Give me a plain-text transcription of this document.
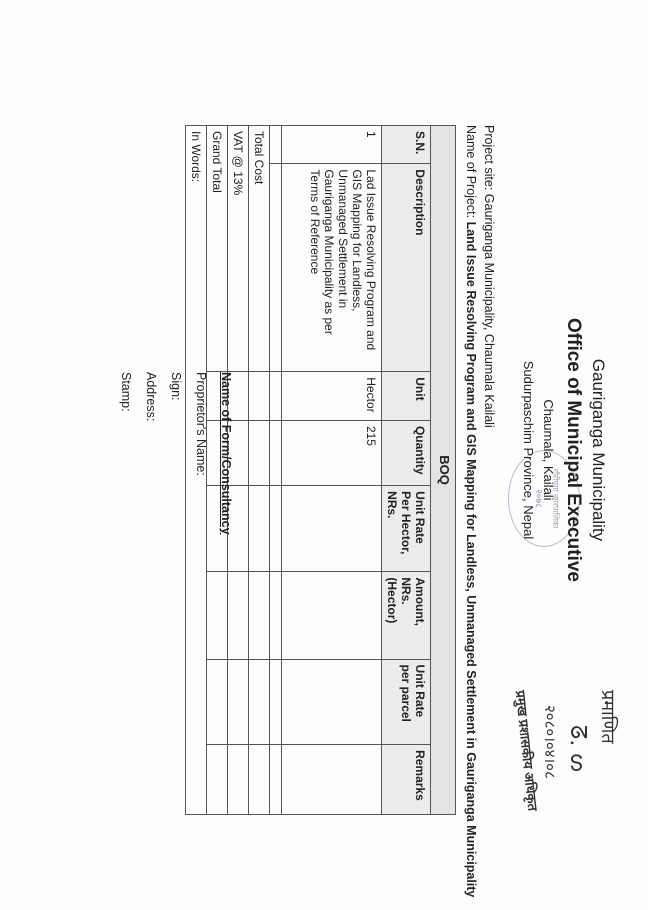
Gauriganga Municipality
Office of Municipal Executive
Chaumala, Kailali
Sudurpaschim Province, Nepal गौरीगंगा नगरपालिका
२०७८
प्रमाणित
ᘔ. ᔕ
२०८०।०४।०८
प्रमुख प्रशासकीय अधिकृत
Project site: Gauriganga Municipality, Chaumala Kailali
Name of Project: Land Issue Resolving Program and GIS Mapping for Landless, Unmanaged Settlement in Gauriganga Municipality
BOQ							
S.N.	Description	Unit	Quantity	Unit Rate Per Hector, NRs.	Amount, NRs. (Hector)	Unit Rate per parcel	Remarks
1	Lad Issue Resolving Program and GIS Mapping for Landless, Unmanaged Settlement in Gauriganga Municipality as per Terms of Reference	Hector	215				

Total Cost							
VAT @ 13%							
Grand Total							
In Words:							
Name of Form/Consultancy
Proprietor's Name:
Sign:
Address:
Stamp:
